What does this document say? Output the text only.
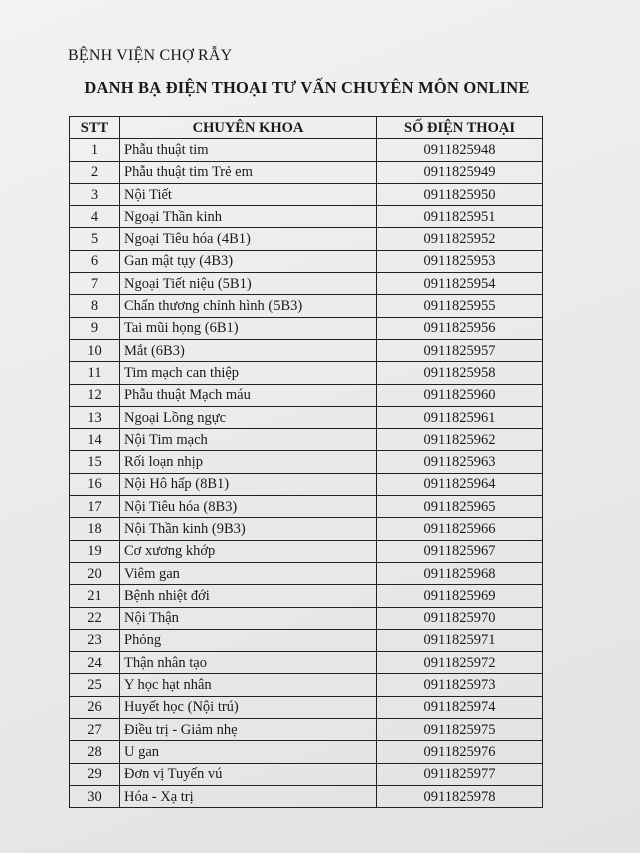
BỆNH VIỆN CHỢ RẪY
DANH BẠ ĐIỆN THOẠI TƯ VẤN CHUYÊN MÔN ONLINE
STT	CHUYÊN KHOA	SỐ ĐIỆN THOẠI
1	Phẫu thuật tim	0911825948
2	Phẫu thuật tim Trẻ em	0911825949
3	Nội Tiết	0911825950
4	Ngoại Thần kinh	0911825951
5	Ngoại Tiêu hóa (4B1)	0911825952
6	Gan mật tụy (4B3)	0911825953
7	Ngoại Tiết niệu (5B1)	0911825954
8	Chấn thương chỉnh hình (5B3)	0911825955
9	Tai mũi họng (6B1)	0911825956
10	Mắt (6B3)	0911825957
11	Tim mạch can thiệp	0911825958
12	Phẫu thuật Mạch máu	0911825960
13	Ngoại Lồng ngực	0911825961
14	Nội Tim mạch	0911825962
15	Rối loạn nhịp	0911825963
16	Nội Hô hấp (8B1)	0911825964
17	Nội Tiêu hóa (8B3)	0911825965
18	Nội Thần kinh (9B3)	0911825966
19	Cơ xương khớp	0911825967
20	Viêm gan	0911825968
21	Bệnh nhiệt đới	0911825969
22	Nội Thận	0911825970
23	Phỏng	0911825971
24	Thận nhân tạo	0911825972
25	Y học hạt nhân	0911825973
26	Huyết học (Nội trú)	0911825974
27	Điều trị - Giảm nhẹ	0911825975
28	U gan	0911825976
29	Đơn vị Tuyến vú	0911825977
30	Hóa - Xạ trị	0911825978
